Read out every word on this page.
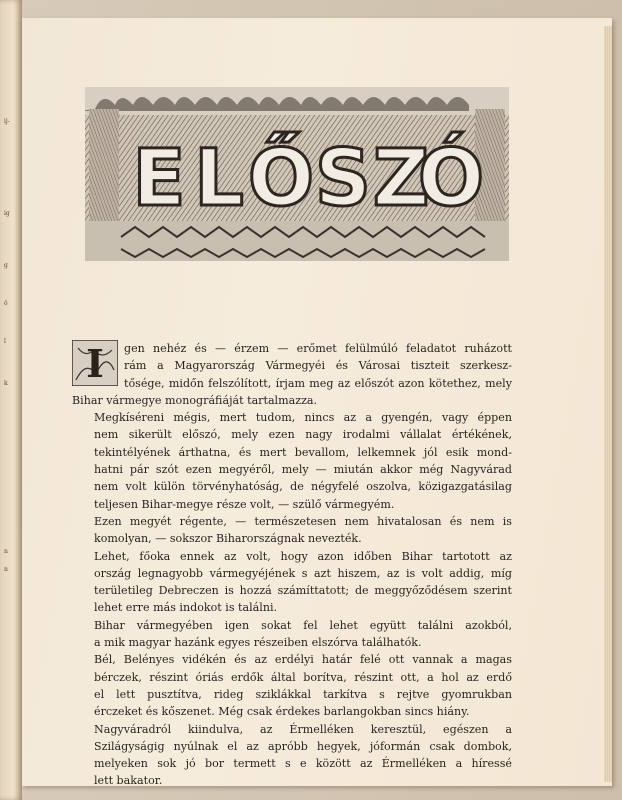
ij-
ig
g
ö
l
k
n
n
E L Ő S Z
Ó
I	gen nehéz és — érzem — erőmet felülmúló feladatot ruházott
rám a Magyarország Vármegyéi és Városai tiszteit szerkesz-
tősége, midőn felszólított, írjam meg az előszót azon kötethez, mely
Bihar vármegye monográfiáját tartalmazza.
Megkíséreni mégis, mert tudom, nincs az a gyengén, vagy éppen
nem sikerült előszó, mely ezen nagy irodalmi vállalat értékének,
tekintélyének árthatna, és mert bevallom, lelkemnek jól esik mond-
hatni pár szót ezen megyéről, mely — miután akkor még Nagyvárad
nem volt külön törvényhatóság, de négyfelé oszolva, közigazgatásilag
teljesen Bihar-megye része volt, — szülő vármegyém.
Ezen megyét régente, — természetesen nem hivatalosan és nem is
komolyan, — sokszor Biharországnak nevezték.
Lehet, főoka ennek az volt, hogy azon időben Bihar tartotott az
ország legnagyobb vármegyéjének s azt hiszem, az is volt addig, míg
területileg Debreczen is hozzá számíttatott; de meggyőződésem szerint
lehet erre más indokot is találni.
Bihar vármegyében igen sokat fel lehet együtt találni azokból,
a mik magyar hazánk egyes részeiben elszórva találhatók.
Bél, Belényes vidékén és az erdélyi határ felé ott vannak a magas
bérczek, részint óriás erdők által borítva, részint ott, a hol az erdő
el lett pusztítva, rideg sziklákkal tarkítva s rejtve gyomrukban
érczeket és kőszenet. Még csak érdekes barlangokban sincs hiány.
Nagyváradról kiindulva, az Érmelléken keresztül, egészen a
Szilágyságig nyúlnak el az apróbb hegyek, jóformán csak dombok,
melyeken sok jó bor termett s e között az Érmelléken a híressé
lett bakator.
